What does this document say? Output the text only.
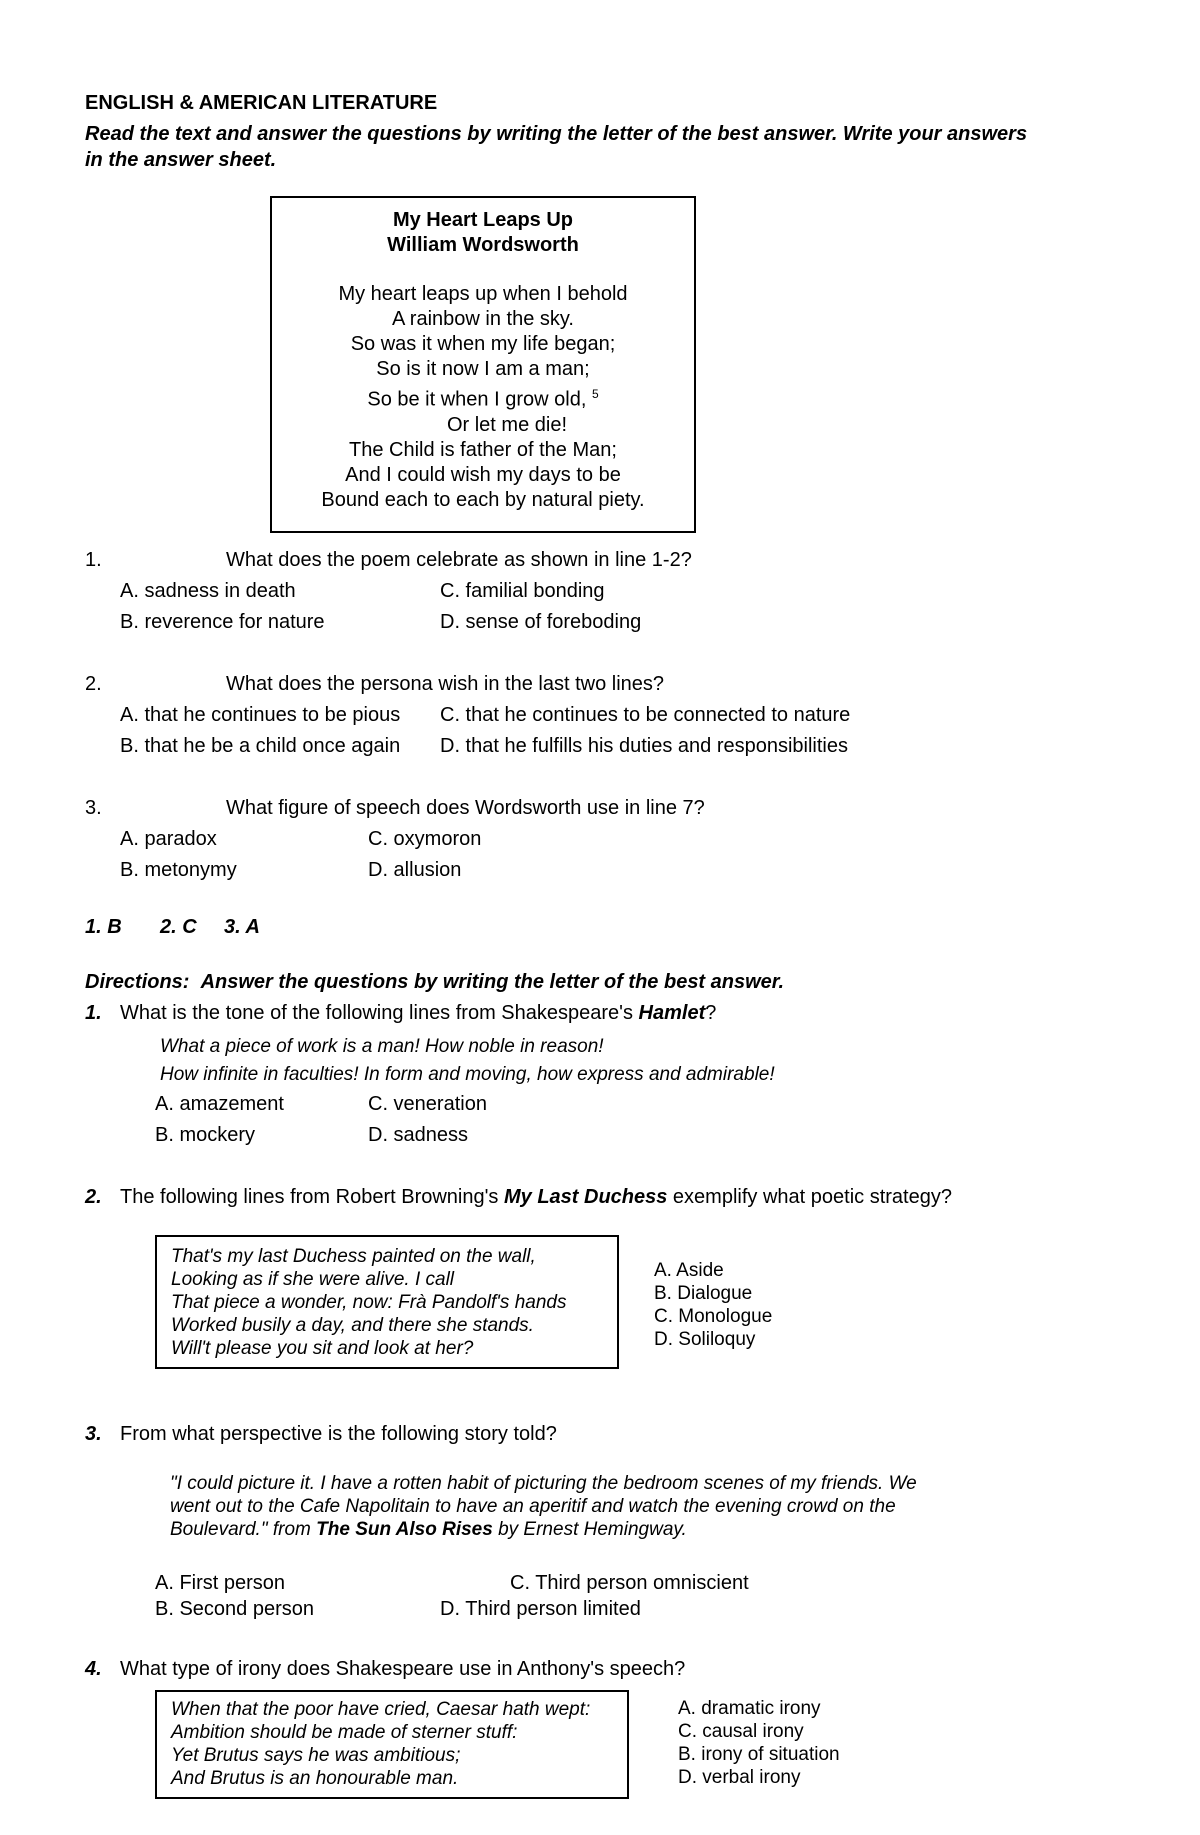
ENGLISH & AMERICAN LITERATURE
Read the text and answer the questions by writing the letter of the best answer. Write your answers
in the answer sheet.
My Heart Leaps Up
William Wordsworth
My heart leaps up when I behold
A rainbow in the sky.
So was it when my life began;
So is it now I am a man;
So be it when I grow old, $^5$
Or let me die!
The Child is father of the Man;
And I could wish my days to be
Bound each to each by natural piety.
1.	What does the poem celebrate as shown in line 1-2?
A. sadness in death	C. familial bonding
B. reverence for nature	D. sense of foreboding
2.	What does the persona wish in the last two lines?
A. that he continues to be pious C. that he continues to be connected to nature
B. that he be a child once again D. that he fulfills his duties and responsibilities
3.	What figure of speech does Wordsworth use in line 7?
A. paradox	C. oxymoron
B. metonymy	D. allusion
1. B 2. C 3. A
Directions: Answer the questions by writing the letter of the best answer.
1. What is the tone of the following lines from Shakespeare's Hamlet?
What a piece of work is a man! How noble in reason!
How infinite in faculties! In form and moving, how express and admirable!
A. amazement	C. veneration
B. mockery	D. sadness
2. The following lines from Robert Browning's My Last Duchess exemplify what poetic strategy?
That's my last Duchess painted on the wall,
Looking as if she were alive. I call
That piece a wonder, now: Frà Pandolf's hands
Worked busily a day, and there she stands.
Will't please you sit and look at her?
A. Aside
B. Dialogue
C. Monologue
D. Soliloquy
3. From what perspective is the following story told?
"I could picture it. I have a rotten habit of picturing the bedroom scenes of my friends. We
went out to the Cafe Napolitain to have an aperitif and watch the evening crowd on the
Boulevard." from The Sun Also Rises by Ernest Hemingway.
A. First person	C. Third person omniscient
B. Second person	D. Third person limited
4. What type of irony does Shakespeare use in Anthony's speech?
When that the poor have cried, Caesar hath wept:
Ambition should be made of sterner stuff:
Yet Brutus says he was ambitious;
And Brutus is an honourable man.
A. dramatic irony
C. causal irony
B. irony of situation
D. verbal irony
